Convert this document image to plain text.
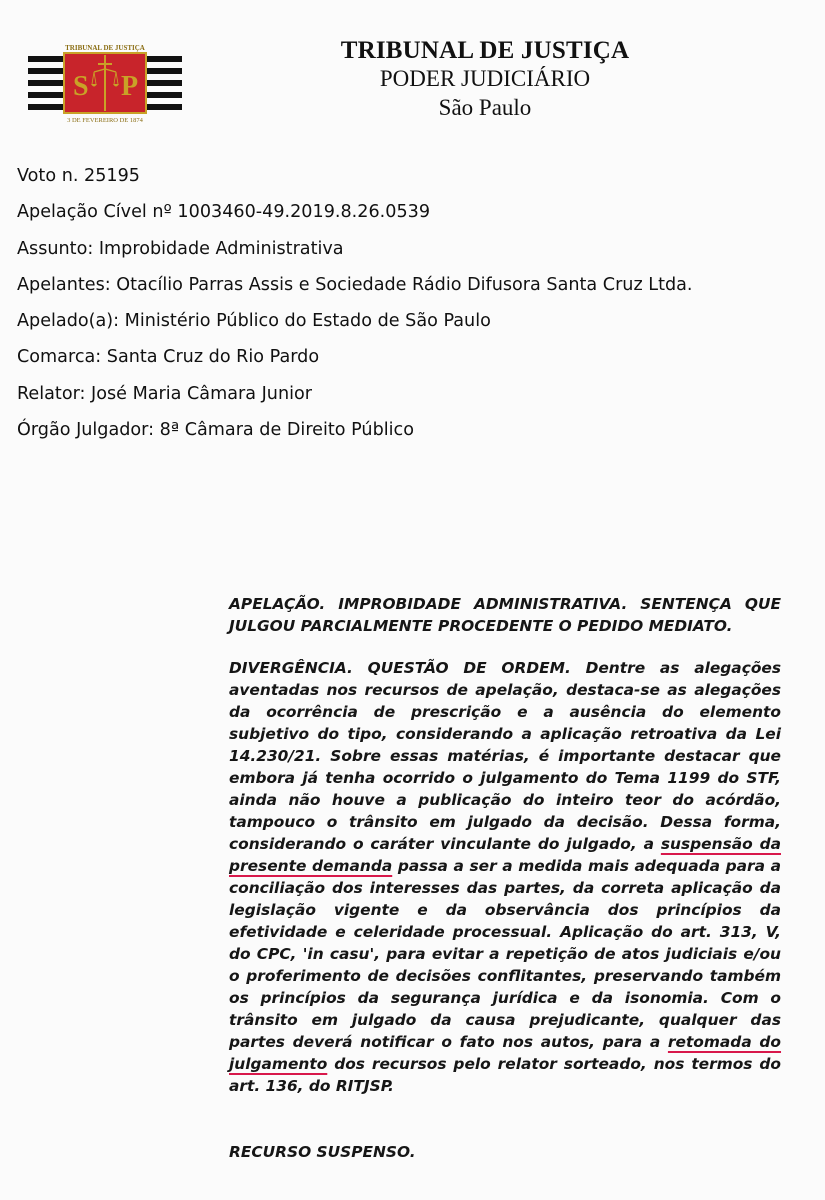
S P
TRIBUNAL DE JUSTIÇA
3 DE FEVEREIRO DE 1874
TRIBUNAL DE JUSTIÇA
PODER JUDICIÁRIO
São Paulo
Voto n. 25195
Apelação Cível nº 1003460-49.2019.8.26.0539
Assunto: Improbidade Administrativa
Apelantes: Otacílio Parras Assis e Sociedade Rádio Difusora Santa Cruz Ltda.
Apelado(a): Ministério Público do Estado de São Paulo
Comarca: Santa Cruz do Rio Pardo
Relator: José Maria Câmara Junior
Órgão Julgador: 8ª Câmara de Direito Público

APELAÇÃO. IMPROBIDADE ADMINISTRATIVA. SENTENÇA QUE JULGOU PARCIALMENTE PROCEDENTE O PEDIDO MEDIATO.

DIVERGÊNCIA. QUESTÃO DE ORDEM. Dentre as alegações aventadas nos recursos de apelação, destaca-se as alegações da ocorrência de prescrição e a ausência do elemento subjetivo do tipo, considerando a aplicação retroativa da Lei 14.230/21. Sobre essas matérias, é importante destacar que embora já tenha ocorrido o julgamento do Tema 1199 do STF, ainda não houve a publicação do inteiro teor do acórdão, tampouco o trânsito em julgado da decisão. Dessa forma, considerando o caráter vinculante do julgado, a suspensão da presente demanda passa a ser a medida mais adequada para a conciliação dos interesses das partes, da correta aplicação da legislação vigente e da observância dos princípios da efetividade e celeridade processual. Aplicação do art. 313, V, do CPC, 'in casu', para evitar a repetição de atos judiciais e/ou o proferimento de decisões conflitantes, preservando também os princípios da segurança jurídica e da isonomia. Com o trânsito em julgado da causa prejudicante, qualquer das partes deverá notificar o fato nos autos, para a retomada do julgamento dos recursos pelo relator sorteado, nos termos do art. 136, do RITJSP.

RECURSO SUSPENSO.
